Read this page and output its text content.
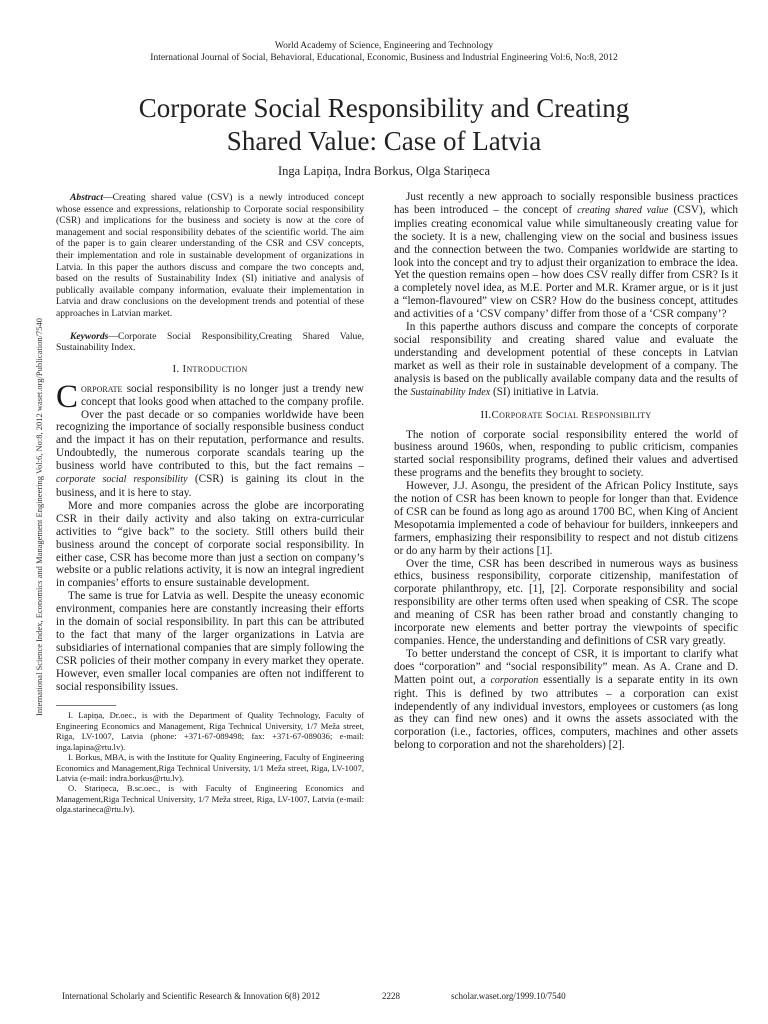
World Academy of Science, Engineering and Technology
International Journal of Social, Behavioral, Educational, Economic, Business and Industrial Engineering Vol:6, No:8, 2012
International Science Index, Economics and Management Engineering Vol:6, No:8, 2012 waset.org/Publication/7540
Corporate Social Responsibility and Creating
Shared Value: Case of Latvia
Inga Lapiņa, Indra Borkus, Olga Stariņeca

Abstract—Creating shared value (CSV) is a newly introduced concept whose essence and expressions, relationship to Corporate social responsibility (CSR) and implications for the business and society is now at the core of management and social responsibility debates of the scientific world. The aim of the paper is to gain clearer understanding of the CSR and CSV concepts, their implementation and role in sustainable development of organizations in Latvia. In this paper the authors discuss and compare the two concepts and, based on the results of Sustainability Index (SI) initiative and analysis of publically available company information, evaluate their implementation in Latvia and draw conclusions on the development trends and potential of these approaches in Latvian market.

Keywords—Corporate Social Responsibility,Creating Shared Value, Sustainability Index.

I. Introduction

Corporate social responsibility is no longer just a trendy new concept that looks good when attached to the company profile. Over the past decade or so companies worldwide have been recognizing the importance of socially responsible business conduct and the impact it has on their reputation, performance and results. Undoubtedly, the numerous corporate scandals tearing up the business world have contributed to this, but the fact remains – corporate social responsibility (CSR) is gaining its clout in the business, and it is here to stay.

More and more companies across the globe are incorporating CSR in their daily activity and also taking on extra-curricular activities to “give back” to the society. Still others build their business around the concept of corporate social responsibility. In either case, CSR has become more than just a section on company’s website or a public relations activity, it is now an integral ingredient in companies’ efforts to ensure sustainable development.

The same is true for Latvia as well. Despite the uneasy economic environment, companies here are constantly increasing their efforts in the domain of social responsibility. In part this can be attributed to the fact that many of the larger organizations in Latvia are subsidiaries of international companies that are simply following the CSR policies of their mother company in every market they operate. However, even smaller local companies are often not indifferent to social responsibility issues.

I. Lapiņa, Dr.oec., is with the Department of Quality Technology, Faculty of Engineering Economics and Management, Riga Technical University, 1/7 Meža street, Riga, LV-1007, Latvia (phone: +371-67-089498; fax: +371-67-089036; e-mail: inga.lapina@rtu.lv).

I. Borkus, MBA, is with the Institute for Quality Engineering, Faculty of Engineering Economics and Management,Riga Technical University, 1/1 Meža street, Riga, LV-1007, Latvia (e-mail: indra.borkus@rtu.lv).

O. Stariņeca, B.sc.oec., is with Faculty of Engineering Economics and Management,Riga Technical University, 1/7 Meža street, Riga, LV-1007, Latvia (e-mail: olga.starineca@rtu.lv).

Just recently a new approach to socially responsible business practices has been introduced – the concept of creating shared value (CSV), which implies creating economical value while simultaneously creating value for the society. It is a new, challenging view on the social and business issues and the connection between the two. Companies worldwide are starting to look into the concept and try to adjust their organization to embrace the idea. Yet the question remains open – how does CSV really differ from CSR? Is it a completely novel idea, as M.E. Porter and M.R. Kramer argue, or is it just a “lemon-flavoured” view on CSR? How do the business concept, attitudes and activities of a ‘CSV company’ differ from those of a ‘CSR company’?

In this paperthe authors discuss and compare the concepts of corporate social responsibility and creating shared value and evaluate the understanding and development potential of these concepts in Latvian market as well as their role in sustainable development of a company. The analysis is based on the publically available company data and the results of the Sustainability Index (SI) initiative in Latvia.

II.Corporate Social Responsibility

The notion of corporate social responsibility entered the world of business around 1960s, when, responding to public criticism, companies started social responsibility programs, defined their values and advertised these programs and the benefits they brought to society.

However, J.J. Asongu, the president of the African Policy Institute, says the notion of CSR has been known to people for longer than that. Evidence of CSR can be found as long ago as around 1700 BC, when King of Ancient Mesopotamia implemented a code of behaviour for builders, innkeepers and farmers, emphasizing their responsibility to respect and not distub citizens or do any harm by their actions [1].

Over the time, CSR has been described in numerous ways as business ethics, business responsibility, corporate citizenship, manifestation of corporate philanthropy, etc. [1], [2]. Corporate responsibility and social responsibility are other terms often used when speaking of CSR. The scope and meaning of CSR has been rather broad and constantly changing to incorporate new elements and better portray the viewpoints of specific companies. Hence, the understanding and definitions of CSR vary greatly.

To better understand the concept of CSR, it is important to clarify what does “corporation” and “social responsibility” mean. As A. Crane and D. Matten point out, a corporation essentially is a separate entity in its own right. This is defined by two attributes – a corporation can exist independently of any individual investors, employees or customers (as long as they can find new ones) and it owns the assets associated with the corporation (i.e., factories, offices, computers, machines and other assets belong to corporation and not the shareholders) [2].

International Scholarly and Scientific Research & Innovation 6(8) 2012	2228	scholar.waset.org/1999.10/7540
